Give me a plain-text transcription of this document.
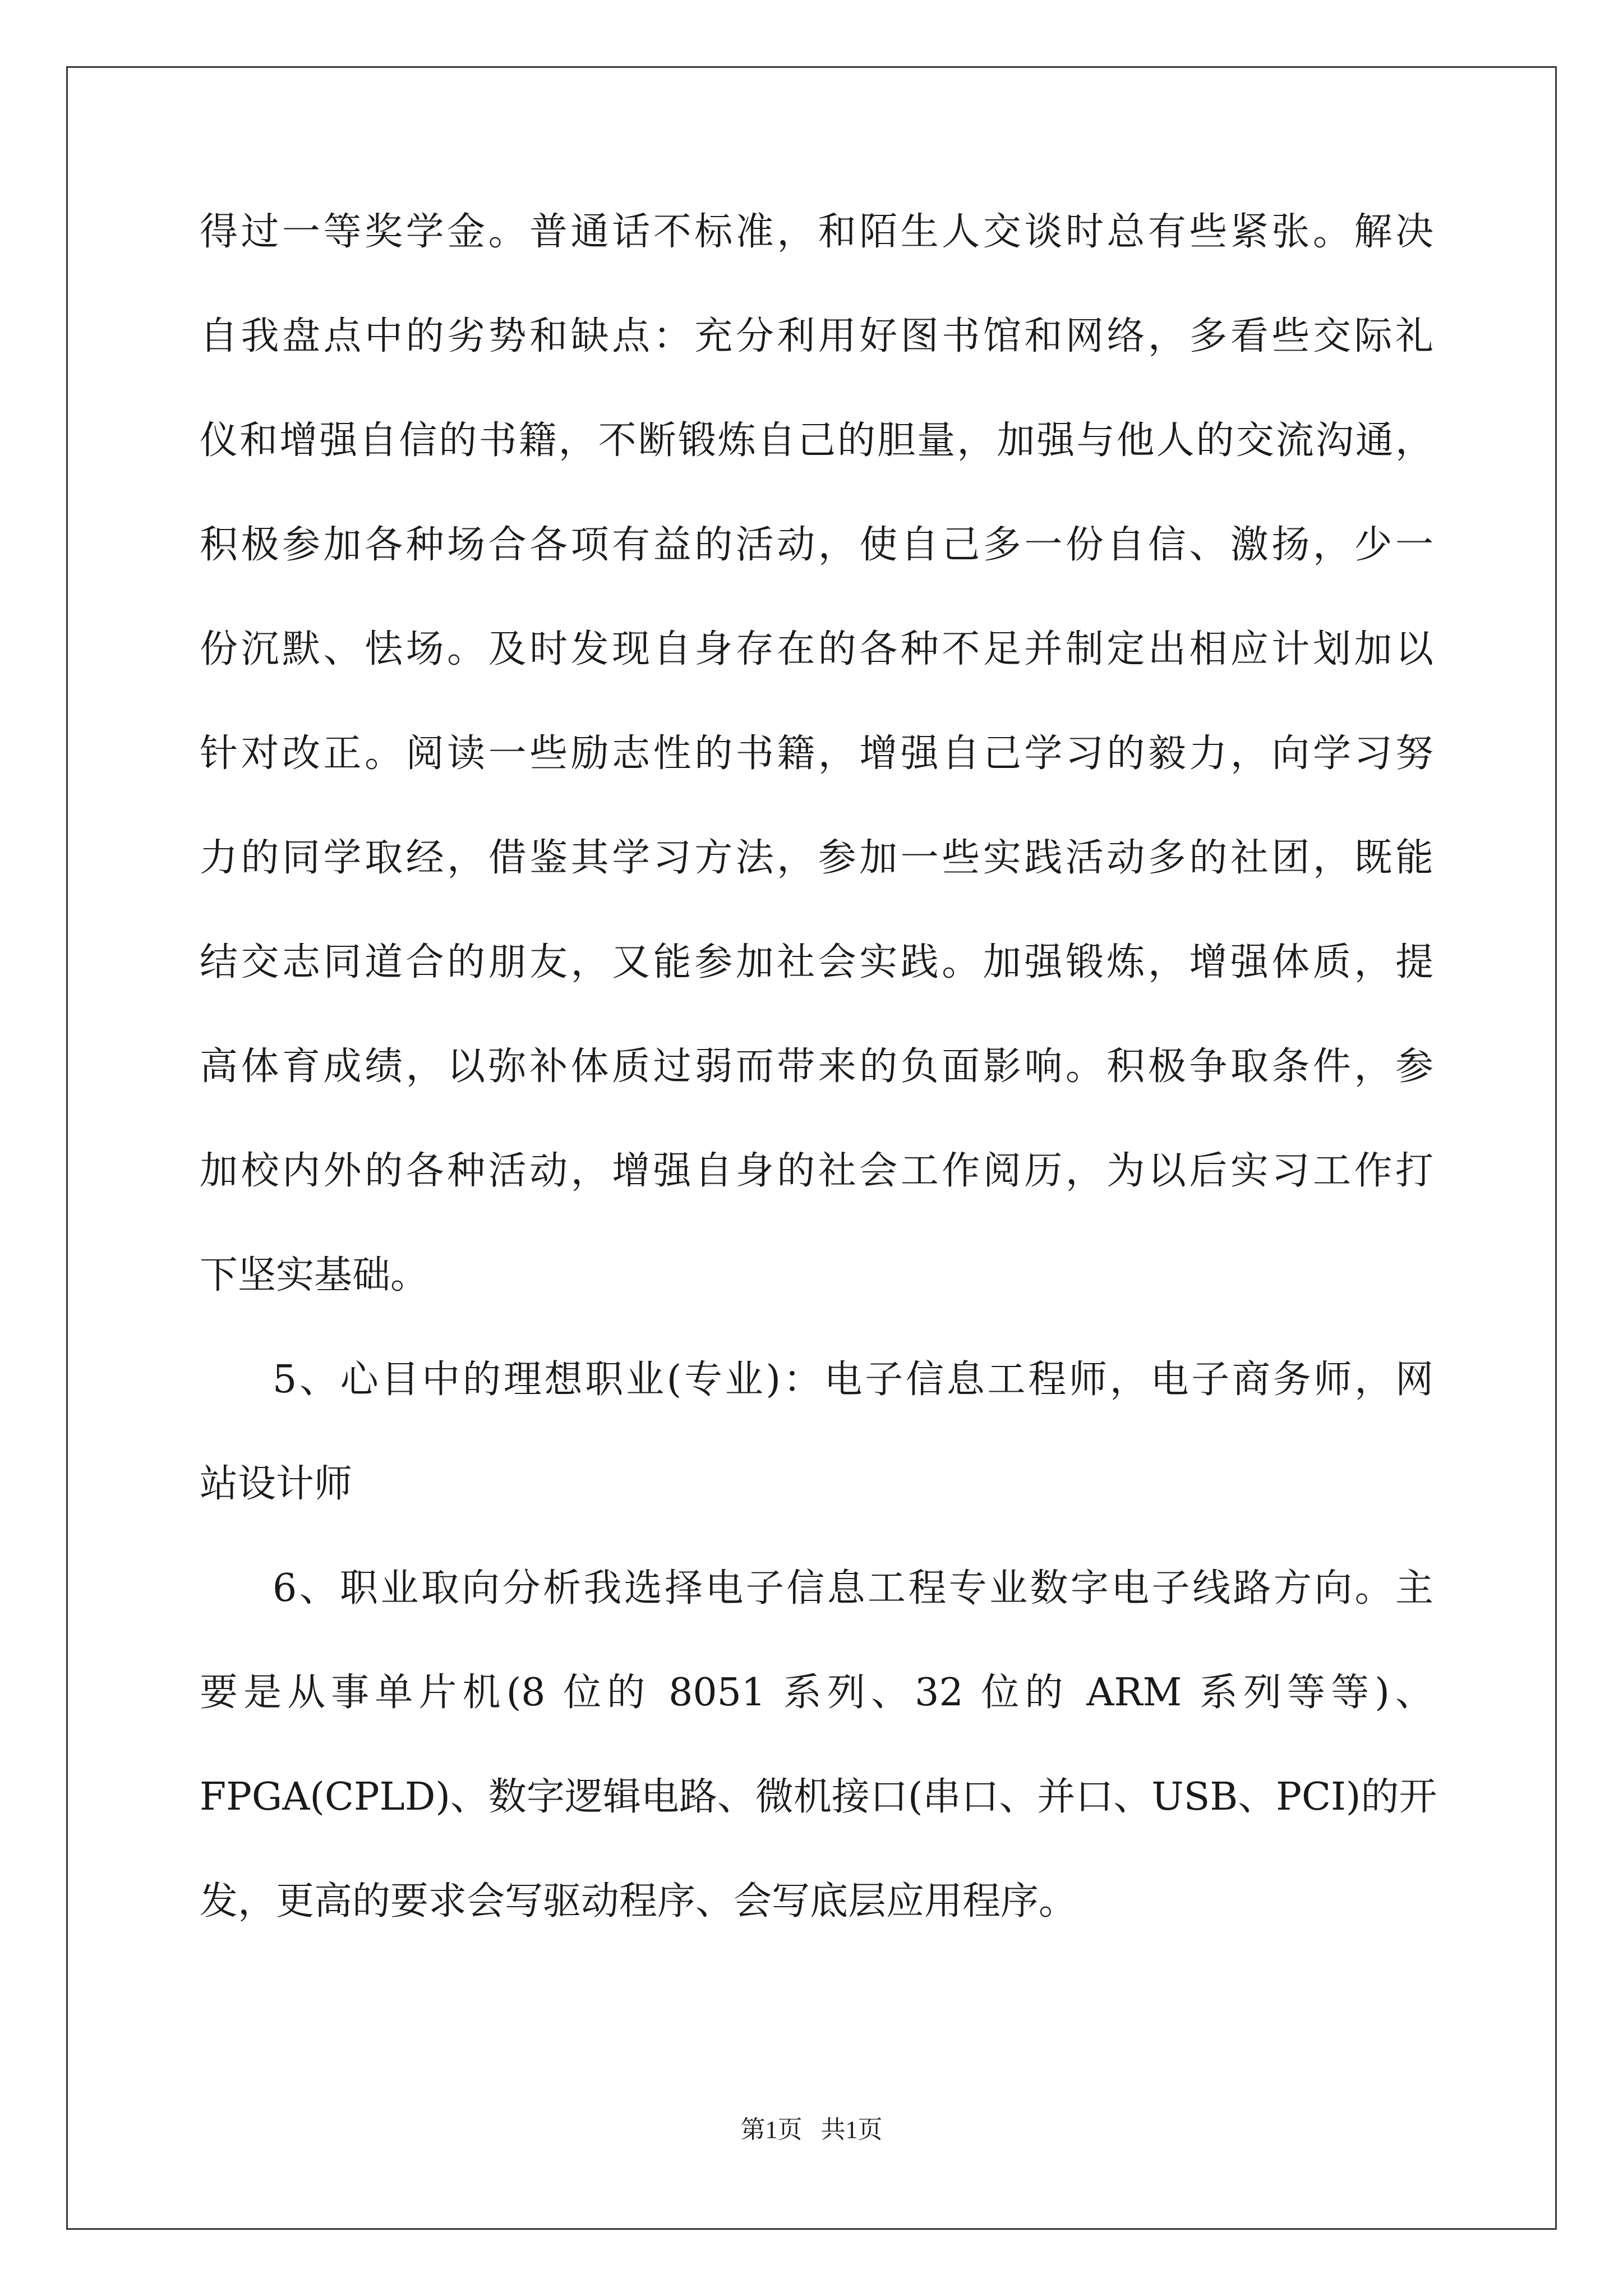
得过一等奖学金。普通话不标准，和陌生人交谈时总有些紧张。解决
自我盘点中的劣势和缺点：充分利用好图书馆和网络，多看些交际礼
仪和增强自信的书籍，不断锻炼自己的胆量，加强与他人的交流沟通，
积极参加各种场合各项有益的活动，使自己多一份自信、激扬，少一
份沉默、怯场。及时发现自身存在的各种不足并制定出相应计划加以
针对改正。阅读一些励志性的书籍，增强自己学习的毅力，向学习努
力的同学取经，借鉴其学习方法，参加一些实践活动多的社团，既能
结交志同道合的朋友，又能参加社会实践。加强锻炼，增强体质，提
高体育成绩，以弥补体质过弱而带来的负面影响。积极争取条件，参
加校内外的各种活动，增强自身的社会工作阅历，为以后实习工作打
下坚实基础。
5、心目中的理想职业(专业)：电子信息工程师，电子商务师，网
站设计师
6、职业取向分析我选择电子信息工程专业数字电子线路方向。主
要是从事单片机(8 位的 8051 系列、32 位的 ARM 系列等等)、
FPGA(CPLD)、数字逻辑电路、微机接口(串口、并口、USB、PCI)的开
发，更高的要求会写驱动程序、会写底层应用程序。
第1页   共1页
